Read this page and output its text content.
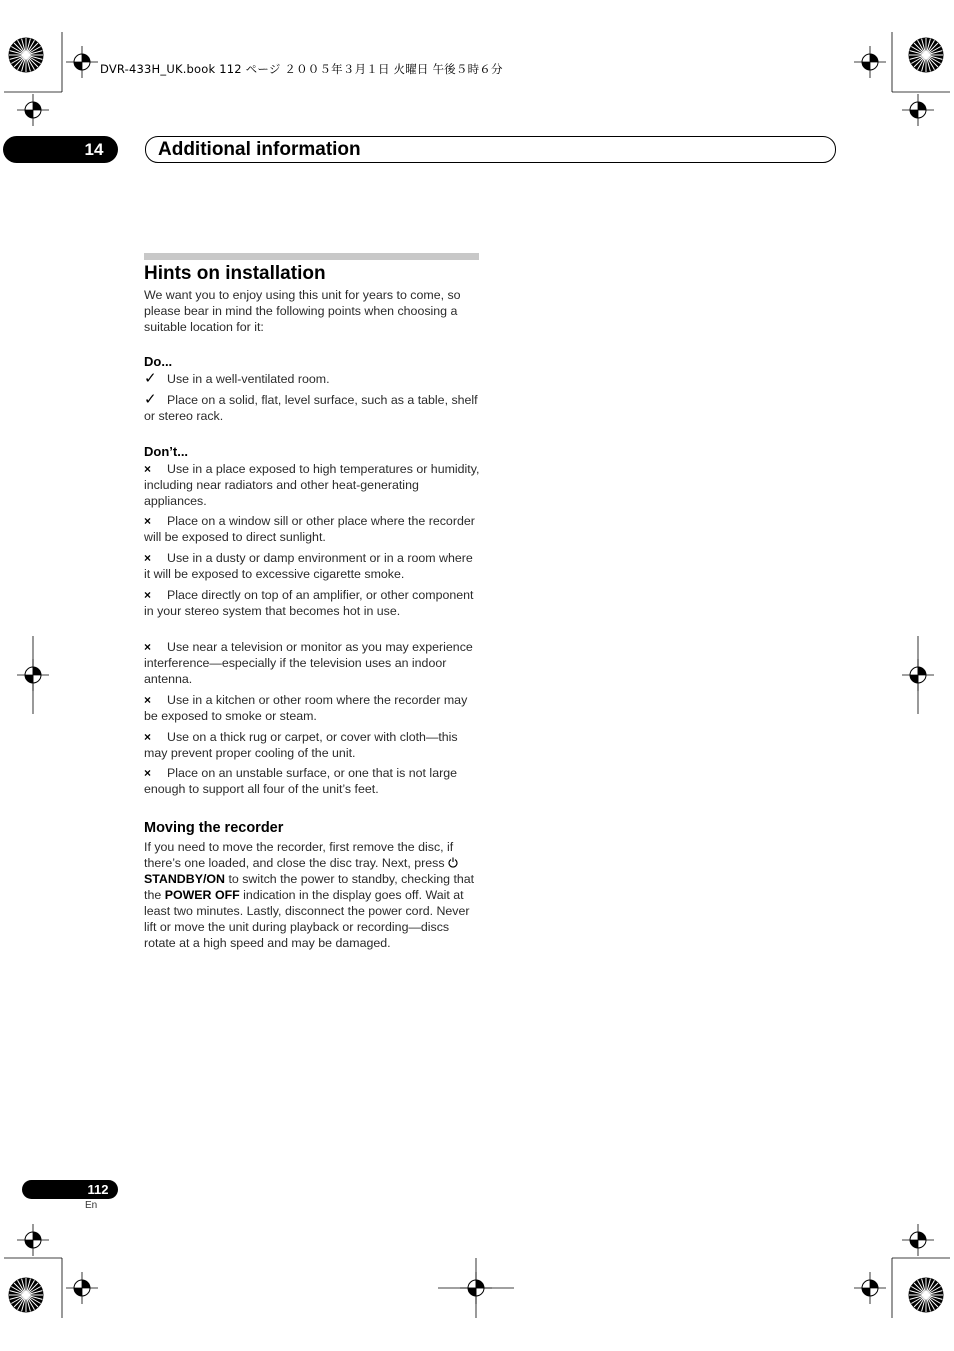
DVR-433H_UK.book 112 ページ ２００５年３月１日 火曜日 午後５時６分
14	Additional information
Hints on installation
We want you to enjoy using this unit for years to come, so please bear in mind the following points when choosing a suitable location for it:
Do...
✓ Use in a well-ventilated room.
✓ Place on a solid, flat, level surface, such as a table, shelf or stereo rack.
Don’t...
× Use in a place exposed to high temperatures or humidity, including near radiators and other heat-generating appliances.
× Place on a window sill or other place where the recorder will be exposed to direct sunlight.
× Use in a dusty or damp environment or in a room where it will be exposed to excessive cigarette smoke.
× Place directly on top of an amplifier, or other component in your stereo system that becomes hot in use.
× Use near a television or monitor as you may experience interference—especially if the television uses an indoor antenna.
× Use in a kitchen or other room where the recorder may be exposed to smoke or steam.
× Use on a thick rug or carpet, or cover with cloth—this may prevent proper cooling of the unit.
× Place on an unstable surface, or one that is not large enough to support all four of the unit’s feet.
Moving the recorder
If you need to move the recorder, first remove the disc, if there’s one loaded, and close the disc tray. Next, press  STANDBY/ON to switch the power to standby, checking that the POWER OFF indication in the display goes off. Wait at least two minutes. Lastly, disconnect the power cord. Never lift or move the unit during playback or recording—discs rotate at a high speed and may be damaged.
112
En
